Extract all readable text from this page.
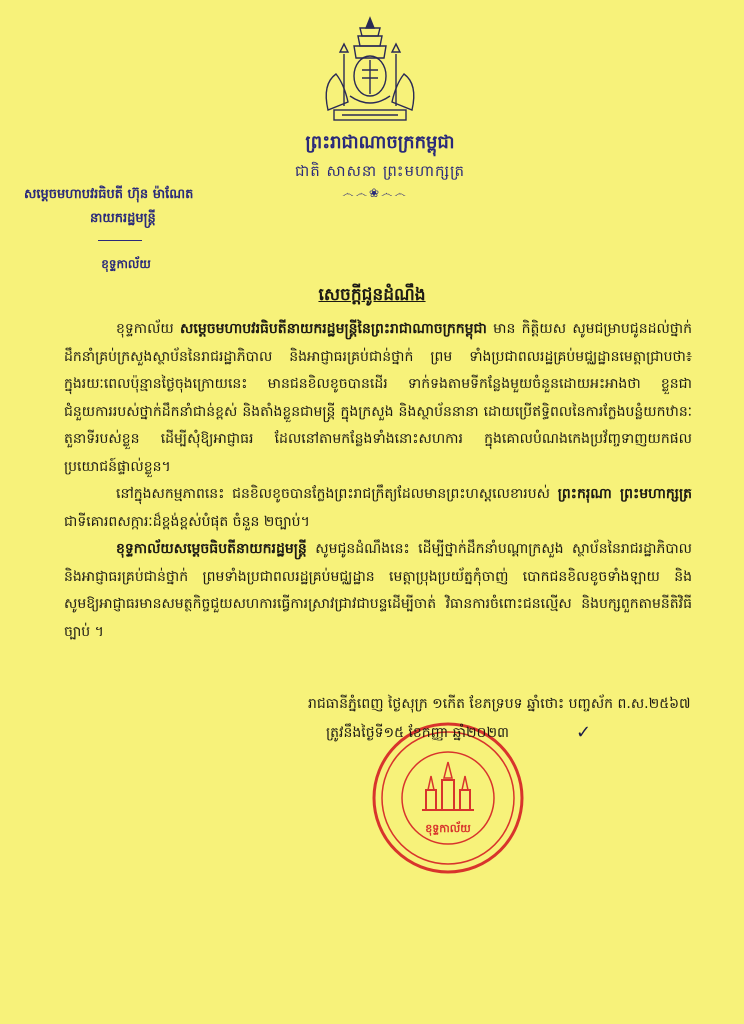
ព្រះរាជាណាចក្រកម្ពុជា
ជាតិ សាសនា ព្រះមហាក្សត្រ
෴෴❀෴෴
សម្តេចមហាបវរធិបតី ហ៊ុន ម៉ាណែត
នាយករដ្ឋមន្ត្រី
ខុទ្ទកាល័យ
សេចក្តីជូនដំណឹង

ខុទ្ទកាល័យ សម្តេចមហាបវរធិបតីនាយករដ្ឋមន្ត្រីនៃព្រះរាជាណាចក្រកម្ពុជា មាន កិត្តិយស សូមជម្រាបជូនដល់ថ្នាក់ដឹកនាំគ្រប់ក្រសួងស្ថាប័ននៃរាជរដ្ឋាភិបាល និងអាជ្ញាធរគ្រប់ជាន់ថ្នាក់ ព្រម ទាំងប្រជាពលរដ្ឋគ្រប់មជ្ឈដ្ឋានមេត្តាជ្រាបថា៖ ក្នុងរយៈពេលប៉ុន្មានថ្ងៃចុងក្រោយនេះ មានជនខិលខូចបានដើរ ទាក់ទងតាមទីកន្លែងមួយចំនួនដោយអះអាងថា ខ្លួនជាជំនួយការរបស់ថ្នាក់ដឹកនាំជាន់ខ្ពស់ និងតាំងខ្លួនជាមន្ត្រី ក្នុងក្រសួង និងស្ថាប័ននានា ដោយប្រើឥទ្ធិពលនៃការក្លែងបន្លំយកឋានៈ តួនាទីរបស់ខ្លួន ដើម្បីសុំឱ្យអាជ្ញាធរ ដែលនៅតាមកន្លែងទាំងនោះសហការ ក្នុងគោលបំណងកេងប្រវ័ញ្ចទាញយកផលប្រយោជន៍ផ្ទាល់ខ្លួន។

នៅក្នុងសកម្មភាពនេះ ជនខិលខូចបានក្លែងព្រះរាជក្រឹត្យដែលមានព្រះហស្តលេខារបស់ ព្រះករុណា ព្រះមហាក្សត្រ ជាទីគោរពសក្ការៈដ៏ខ្ពង់ខ្ពស់បំផុត ចំនួន ២ច្បាប់។

ខុទ្ទកាល័យសម្តេចធិបតីនាយករដ្ឋមន្ត្រី សូមជូនដំណឹងនេះ ដើម្បីថ្នាក់ដឹកនាំបណ្តាក្រសួង ស្ថាប័ននៃរាជរដ្ឋាភិបាល និងអាជ្ញាធរគ្រប់ជាន់ថ្នាក់ ព្រមទាំងប្រជាពលរដ្ឋគ្រប់មជ្ឈដ្ឋាន មេត្តាប្រុងប្រយ័ត្នកុំចាញ់ បោកជនខិលខូចទាំងឡាយ និងសូមឱ្យអាជ្ញាធរមានសមត្ថកិច្ចជួយសហការធ្វើការស្រាវជ្រាវជាបន្ទដើម្បីចាត់ វិធានការចំពោះជនល្មើស និងបក្សពួកតាមនីតិវិធីច្បាប់ ។

រាជធានីភ្នំពេញ ថ្ងៃសុក្រ ១កើត ខែភទ្របទ ឆ្នាំថោះ បញ្ចស័ក ព.ស.២៥៦៧
ខុទ្ទកាល័យ
ត្រូវនឹងថ្ងៃទី១៥ ខែកញ្ញា ឆ្នាំ២០២៣	✓
